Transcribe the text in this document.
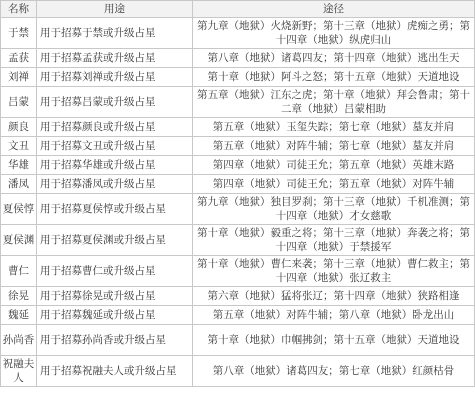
名称	用途	途径
于禁	用于招募于禁或升级占星	第九章（地狱）火烧新野；第十三章（地狱）虎痴之勇；第十四章（地狱）纵虎归山
孟获	用于招募孟获或升级占星	第八章（地狱）诸葛四友；第十四章（地狱）逃出生天
刘禅	用于招募刘禅或升级占星	第十章（地狱）阿斗之怒；第十五章（地狱）天道地设
吕蒙	用于招募吕蒙或升级占星	第五章（地狱）江东之虎；第十章（地狱）拜会鲁肃；第十二章（地狱）吕蒙相助
颜良	用于招募颜良或升级占星	第五章（地狱）玉玺失踪；第七章（地狱）墓友并肩
文丑	用于招募文丑或升级占星	第五章（地狱）对阵牛辅；第七章（地狱）墓友并肩
华雄	用于招募华雄或升级占星	第四章（地狱）司徒王允；第五章（地狱）英雄末路
潘凤	用于招募潘凤或升级占星	第四章（地狱）司徒王允；第五章（地狱）对阵牛辅
夏侯惇	用于招募夏侯惇或升级占星	第九章（地狱）独目罗刹；第十三章（地狱）千机准测；第十四章（地狱）才女慈歌
夏侯渊	用于招募夏侯渊或升级占星	第十章（地狱）毅重之将；第十三章（地狱）奔袭之将；第十四章（地狱）于禁援军
曹仁	用于招募曹仁或升级占星	第十章（地狱）曹仁来袭；第十三章（地狱）曹仁救主；第十四章（地狱）张辽救主
徐晃	用于招募徐晃或升级占星	第六章（地狱）猛将张辽；第十四章（地狱）狭路相逢
魏延	用于招募魏延或升级占星	第五章（地狱）对阵牛辅；第八章（地狱）卧龙出山
孙尚香	用于招募孙尚香或升级占星	第十章（地狱）巾帼拂剑；第十五章（地狱）天道地设
祝融夫人	用于招募祝融夫人或升级占星	第八章（地狱）诸葛四友；第七章（地狱）红颜枯骨
